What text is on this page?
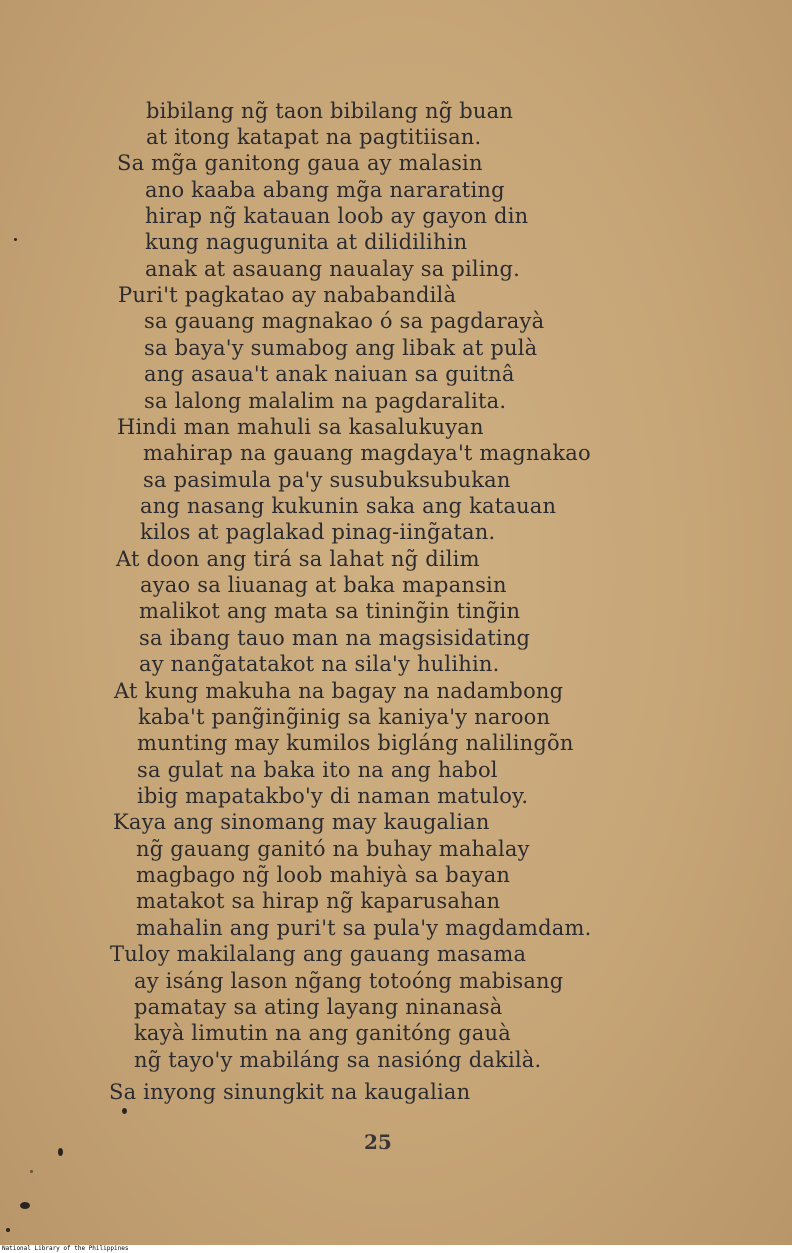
bibilang ng̃ taon bibilang ng̃ buan
at itong katapat na pagtitiisan.
Sa mg̃a ganitong gaua ay malasin
ano kaaba abang mg̃a nararating
hirap ng̃ katauan loob ay gayon din
kung nagugunita at dilidilihin
anak at asauang naualay sa piling.
Puri't pagkatao ay nababandilà
sa gauang magnakao ó sa pagdarayà
sa baya'y sumabog ang libak at pulà
ang asaua't anak naiuan sa guitnâ
sa lalong malalim na pagdaralita.
Hindi man mahuli sa kasalukuyan
mahirap na gauang magdaya't magnakao
sa pasimula pa'y susubuksubukan
ang nasang kukunin saka ang katauan
kilos at paglakad pinag-iing̃atan.
At doon ang tirá sa lahat ng̃ dilim
ayao sa liuanag at baka mapansin
malikot ang mata sa tining̃in ting̃in
sa ibang tauo man na magsisidating
ay nang̃atatakot na sila'y hulihin.
At kung makuha na bagay na nadambong
kaba't pang̃ing̃inig sa kaniya'y naroon
munting may kumilos bigláng nalilingõn
sa gulat na baka ito na ang habol
ibig mapatakbo'y di naman matuloy.
Kaya ang sinomang may kaugalian
ng̃ gauang ganitó na buhay mahalay
magbago ng̃ loob mahiyà sa bayan
matakot sa hirap ng̃ kaparusahan
mahalin ang puri't sa pula'y magdamdam.
Tuloy makilalang ang gauang masama
ay isáng lason ng̃ang totoóng mabisang
pamatay sa ating layang ninanasà
kayà limutin na ang ganitóng gauà
ng̃ tayo'y mabiláng sa nasióng dakilà.
Sa inyong sinungkit na kaugalian
25
National Library of the Philippines
